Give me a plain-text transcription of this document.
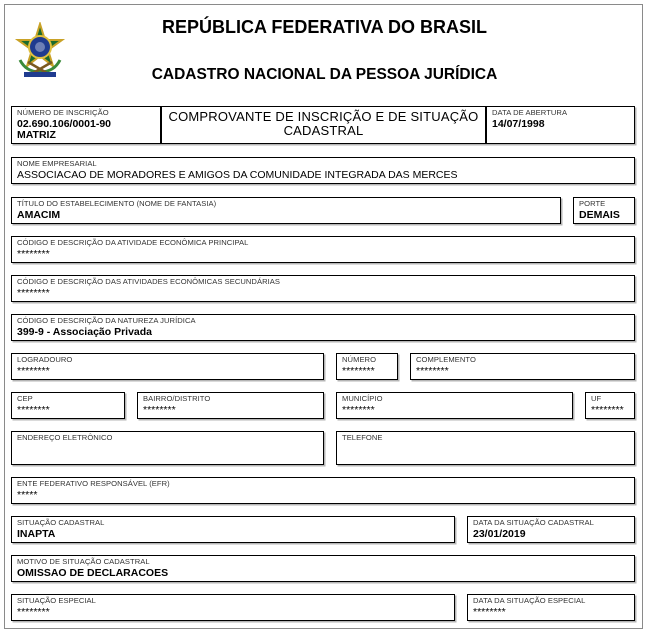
REPÚBLICA FEDERATIVA DO BRASIL
CADASTRO NACIONAL DA PESSOA JURÍDICA
NÚMERO DE INSCRIÇÃO
02.690.106/0001-90
MATRIZ
COMPROVANTE DE INSCRIÇÃO E DE SITUAÇÃO
CADASTRAL
DATA DE ABERTURA
14/07/1998
NOME EMPRESARIAL
ASSOCIACAO DE MORADORES E AMIGOS DA COMUNIDADE INTEGRADA DAS MERCES
TÍTULO DO ESTABELECIMENTO (NOME DE FANTASIA)
AMACIM
PORTE
DEMAIS
CÓDIGO E DESCRIÇÃO DA ATIVIDADE ECONÔMICA PRINCIPAL
********
CÓDIGO E DESCRIÇÃO DAS ATIVIDADES ECONÔMICAS SECUNDÁRIAS
********
CÓDIGO E DESCRIÇÃO DA NATUREZA JURÍDICA
399-9 - Associação Privada
LOGRADOURO
********
NÚMERO
********
COMPLEMENTO
********
CEP
********
BAIRRO/DISTRITO
********
MUNICÍPIO
********
UF
********
ENDEREÇO ELETRÔNICO	TELEFONE
ENTE FEDERATIVO RESPONSÁVEL (EFR)
*****
SITUAÇÃO CADASTRAL
INAPTA
DATA DA SITUAÇÃO CADASTRAL
23/01/2019
MOTIVO DE SITUAÇÃO CADASTRAL
OMISSAO DE DECLARACOES
SITUAÇÃO ESPECIAL
********
DATA DA SITUAÇÃO ESPECIAL
********
